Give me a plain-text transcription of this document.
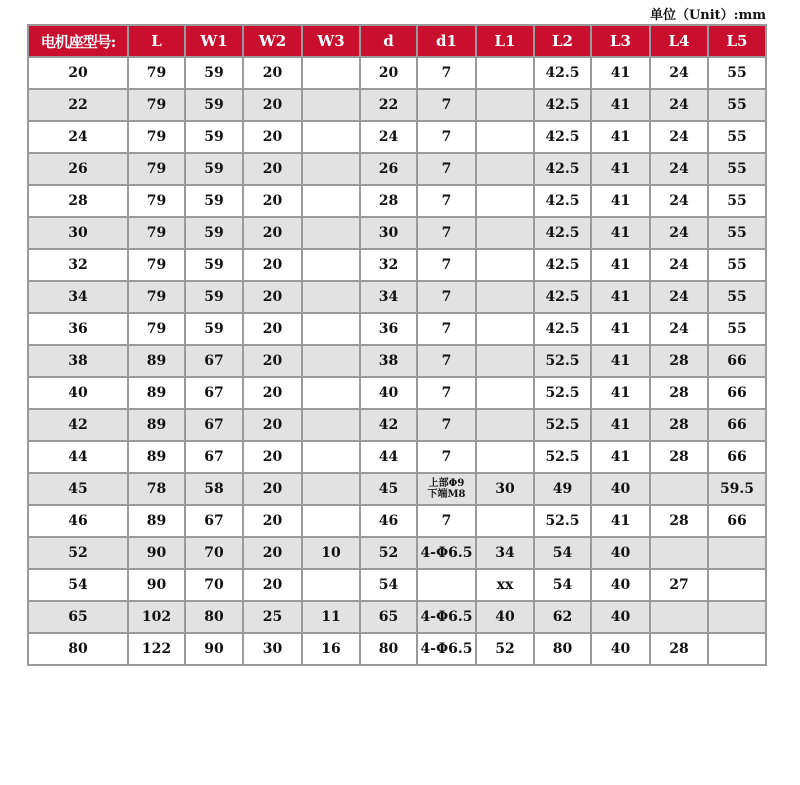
单位（Unit）:mm
电机座型号:	L	W1	W2	W3	d	d1	L1	L2	L3	L4	L5
20	79	59	20		20	7		42.5	41	24	55
22	79	59	20		22	7		42.5	41	24	55
24	79	59	20		24	7		42.5	41	24	55
26	79	59	20		26	7		42.5	41	24	55
28	79	59	20		28	7		42.5	41	24	55
30	79	59	20		30	7		42.5	41	24	55
32	79	59	20		32	7		42.5	41	24	55
34	79	59	20		34	7		42.5	41	24	55
36	79	59	20		36	7		42.5	41	24	55
38	89	67	20		38	7		52.5	41	28	66
40	89	67	20		40	7		52.5	41	28	66
42	89	67	20		42	7		52.5	41	28	66
44	89	67	20		44	7		52.5	41	28	66
45	78	58	20		45	上部Φ9
下端M8	30	49	40		59.5
46	89	67	20		46	7		52.5	41	28	66
52	90	70	20	10	52	4-Φ6.5	34	54	40		
54	90	70	20		54		xx	54	40	27	
65	102	80	25	11	65	4-Φ6.5	40	62	40		
80	122	90	30	16	80	4-Φ6.5	52	80	40	28	
